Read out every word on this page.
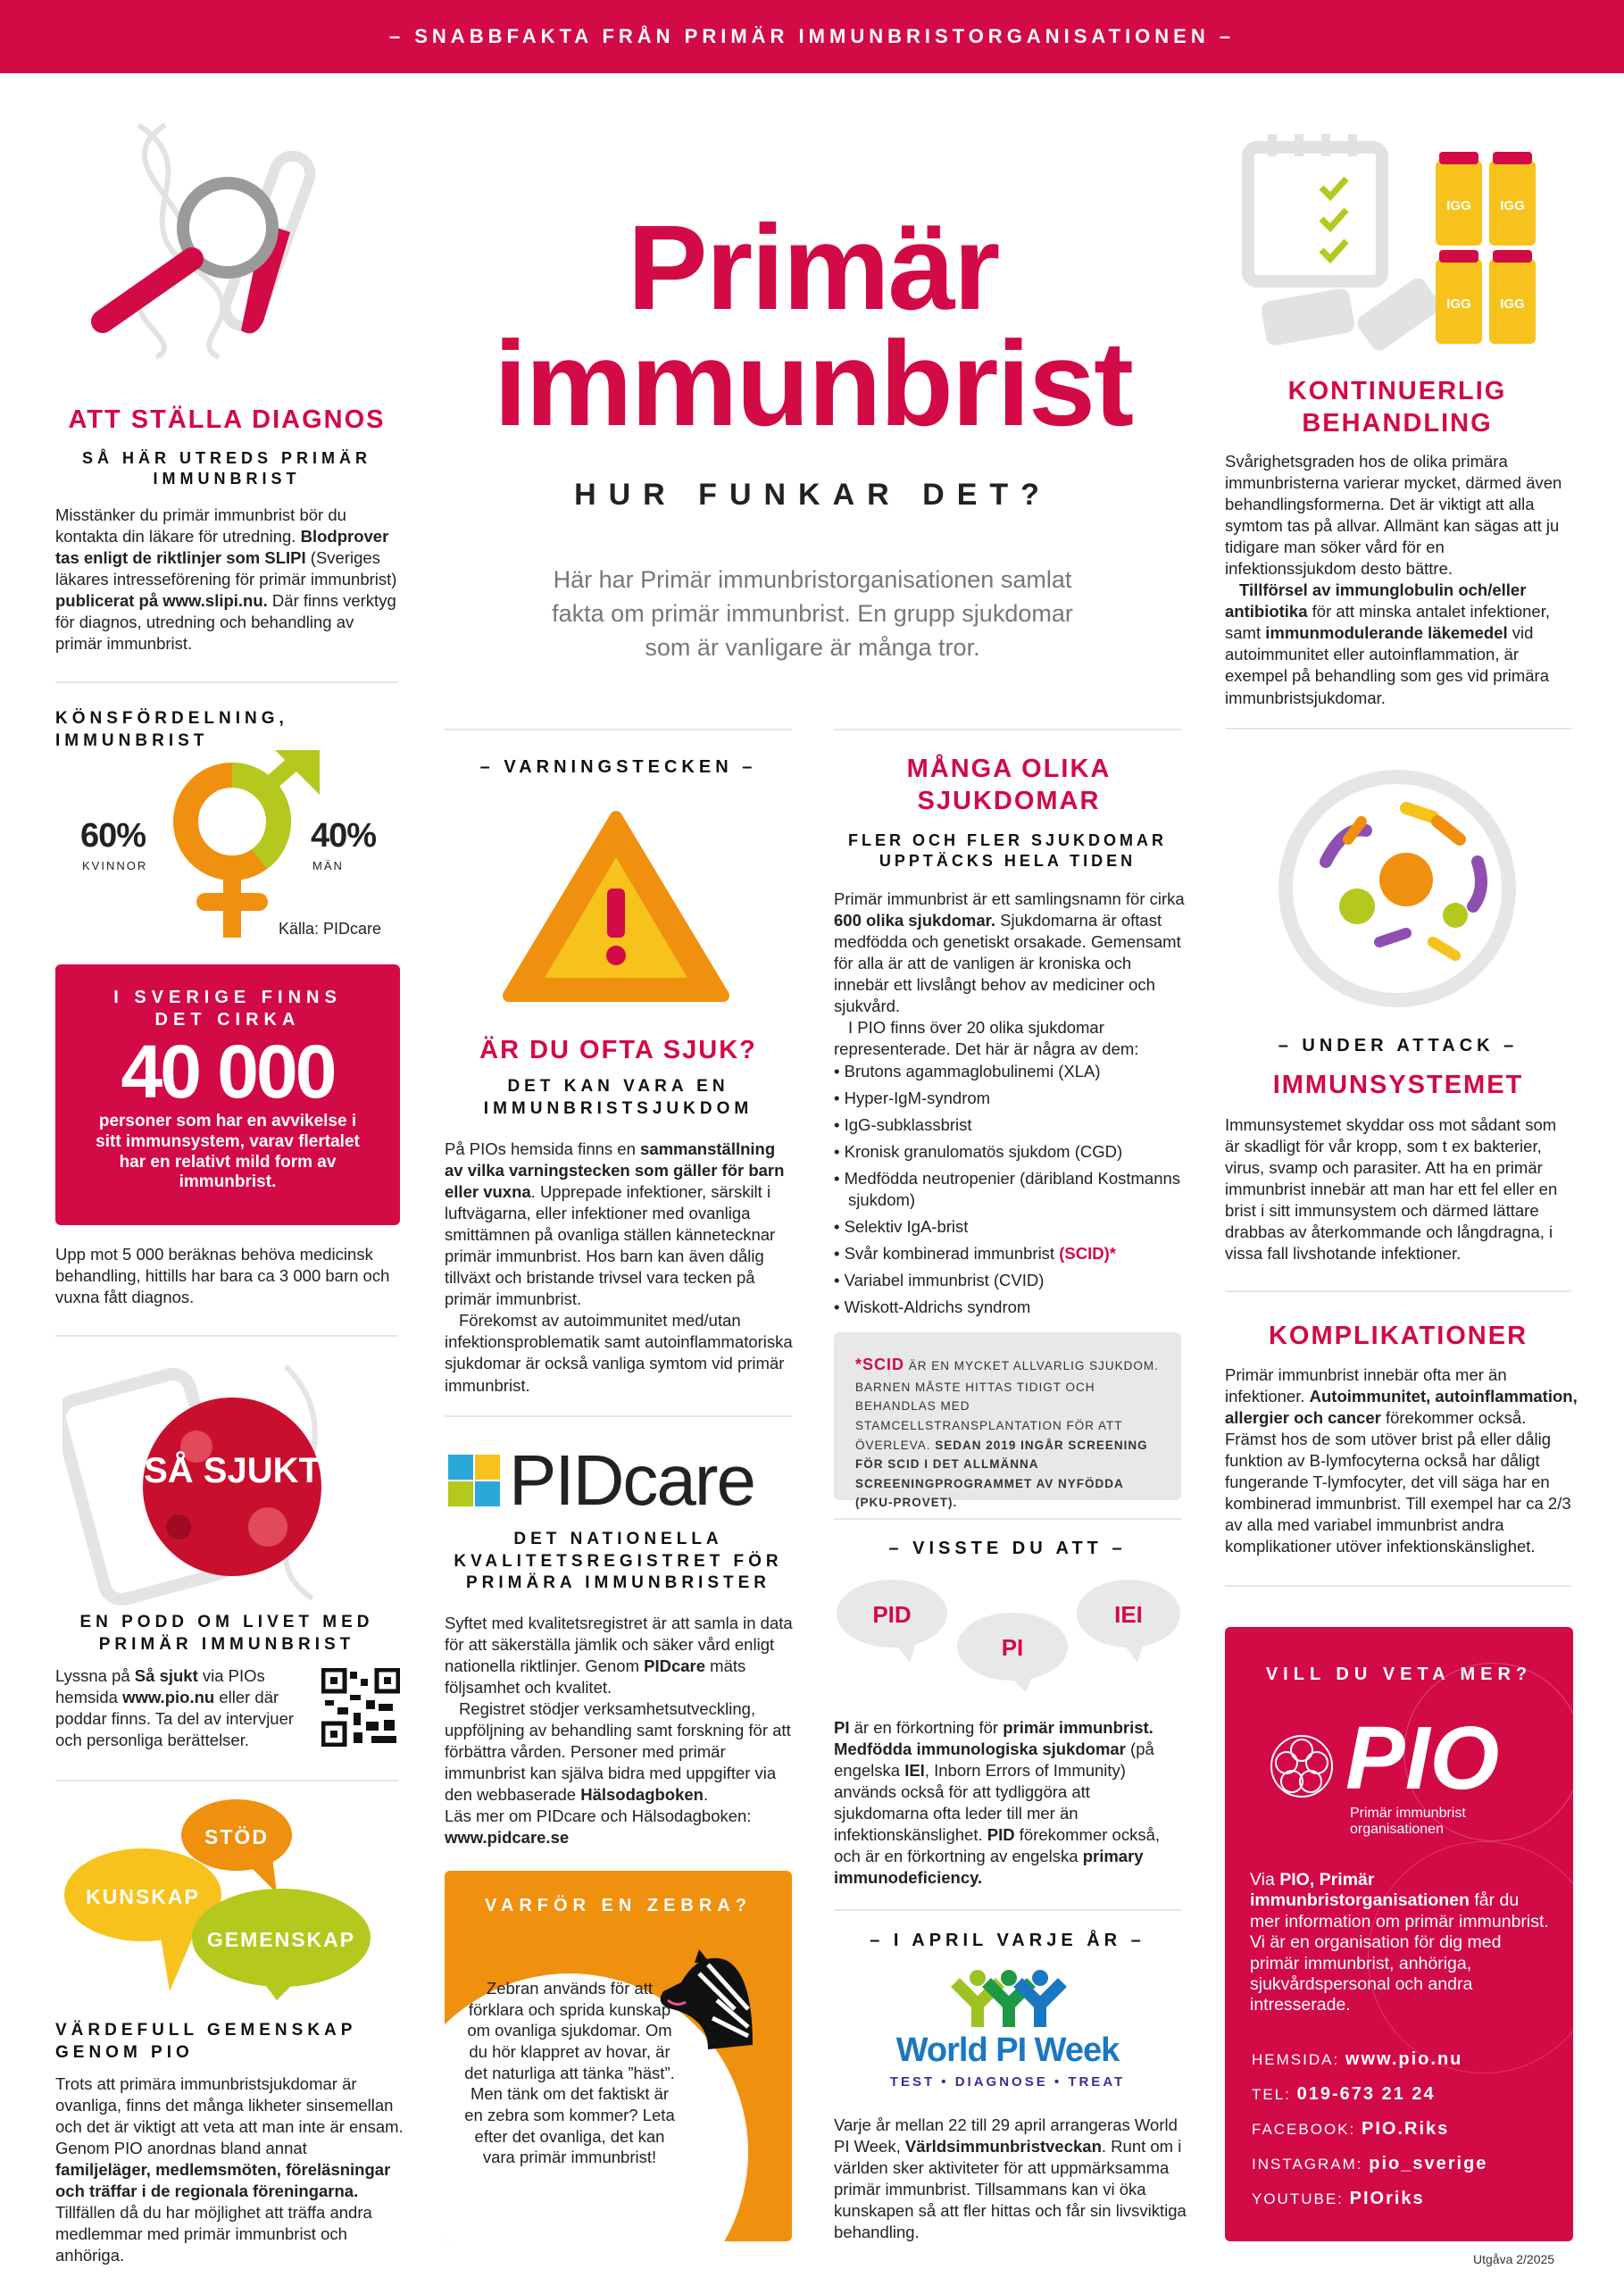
– SNABBFAKTA FRÅN PRIMÄR IMMUNBRISTORGANISATIONEN –
Primär
immunbrist
HUR FUNKAR DET?
Här har Primär immunbristorganisationen samlat fakta om primär immunbrist. En grupp sjukdomar som är vanligare är många tror.
ATT STÄLLA DIAGNOS
SÅ HÄR UTREDS PRIMÄR IMMUNBRIST

Misstänker du primär immunbrist bör du kontakta din läkare för utredning. Blodprover tas enligt de riktlinjer som SLIPI (Sveriges läkares intresseförening för primär immunbrist) publicerat på www.slipi.nu. Där finns verktyg för diagnos, utredning och behandling av primär immunbrist.

KÖNSFÖRDELNING, IMMUNBRIST
60%
KVINNOR
40%
MÄN
Källa: PIDcare
I SVERIGE FINNS DET CIRKA
40 000
personer som har en avvikelse i sitt immunsystem, varav flertalet har en relativt mild form av immunbrist.
Upp mot 5 000 beräknas behöva medicinsk behandling, hittills har bara ca 3 000 barn och vuxna fått diagnos.
SÅ SJUKT
EN PODD OM LIVET MED PRIMÄR IMMUNBRIST

Lyssna på Så sjukt via PIOs hemsida www.pio.nu eller där poddar finns. Ta del av intervjuer och personliga berättelser.

STÖD
KUNSKAP
GEMENSKAP
VÄRDEFULL GEMENSKAP GENOM PIO

Trots att primära immunbristsjukdomar är ovanliga, finns det många likheter sinsemellan och det är viktigt att veta att man inte är ensam. Genom PIO anordnas bland annat familjeläger, medlemsmöten, föreläsningar och träffar i de regionala föreningarna. Tillfällen då du har möjlighet att träffa andra medlemmar med primär immunbrist och anhöriga.

– VARNINGSTECKEN –
ÄR DU OFTA SJUK?
DET KAN VARA EN IMMUNBRISTSJUKDOM

På PIOs hemsida finns en sammanställning av vilka varningstecken som gäller för barn eller vuxna. Upprepade infektioner, särskilt i luftvägarna, eller infektioner med ovanliga smittämnen på ovanliga ställen kännetecknar primär immunbrist. Hos barn kan även dålig tillväxt och bristande trivsel vara tecken på primär immunbrist.

Förekomst av autoimmunitet med/utan infektionsproblematik samt autoinflammatoriska sjukdomar är också vanliga symtom vid primär immunbrist.

PIDcare
DET NATIONELLA KVALITETSREGISTRET FÖR PRIMÄRA IMMUNBRISTER

Syftet med kvalitetsregistret är att samla in data för att säkerställa jämlik och säker vård enligt nationella riktlinjer. Genom PIDcare mäts följsamhet och kvalitet.

Registret stödjer verksamhetsutveckling, uppföljning av behandling samt forskning för att förbättra vården. Personer med primär immunbrist kan själva bidra med uppgifter via den webbaserade Hälsodagboken.

Läs mer om PIDcare och Hälsodagboken:
www.pidcare.se
VARFÖR EN ZEBRA?
Zebran används för att förklara och sprida kunskap om ovanliga sjukdomar. Om du hör klappret av hovar, är det naturliga att tänka ”häst”. Men tänk om det faktiskt är en zebra som kommer? Leta efter det ovanliga, det kan vara primär immunbrist!
MÅNGA OLIKA SJUKDOMAR
FLER OCH FLER SJUKDOMAR UPPTÄCKS HELA TIDEN

Primär immunbrist är ett samlingsnamn för cirka 600 olika sjukdomar. Sjukdomarna är oftast medfödda och genetiskt orsakade. Gemensamt för alla är att de vanligen är kroniska och innebär ett livslångt behov av mediciner och sjukvård.

I PIO finns över 20 olika sjukdomar representerade. Det här är några av dem:

• Brutons agammaglobulinemi (XLA)
• Hyper-IgM-syndrom
• IgG-subklassbrist
• Kronisk granulomatös sjukdom (CGD)
• Medfödda neutropenier (däribland Kostmanns sjukdom)
• Selektiv IgA-brist
• Svår kombinerad immunbrist (SCID)*
• Variabel immunbrist (CVID)
• Wiskott-Aldrichs syndrom
*SCID ÄR EN MYCKET ALLVARLIG SJUKDOM. BARNEN MÅSTE HITTAS TIDIGT OCH BEHANDLAS MED STAMCELLSTRANSPLANTATION FÖR ATT ÖVERLEVA. SEDAN 2019 INGÅR SCREENING FÖR SCID I DET ALLMÄNNA SCREENINGPROGRAMMET AV NYFÖDDA (PKU-PROVET).
– VISSTE DU ATT –
PID
PI
IEI

PI är en förkortning för primär immunbrist. Medfödda immunologiska sjukdomar (på engelska IEI, Inborn Errors of Immunity) används också för att tydliggöra att sjukdomarna ofta leder till mer än infektionskänslighet. PID förekommer också, och är en förkortning av engelska primary immunodeficiency.

– I APRIL VARJE ÅR –
World PI Week
TEST • DIAGNOSE • TREAT

Varje år mellan 22 till 29 april arrangeras World PI Week, Världsimmunbristveckan. Runt om i världen sker aktiviteter för att uppmärksamma primär immunbrist. Tillsammans kan vi öka kunskapen så att fler hittas och får sin livsviktiga behandling.

IGG IGG
IGG IGG
KONTINUERLIG BEHANDLING

Svårighetsgraden hos de olika primära immunbristerna varierar mycket, därmed även behandlingsformerna. Det är viktigt att alla symtom tas på allvar. Allmänt kan sägas att ju tidigare man söker vård för en infektionssjukdom desto bättre.

Tillförsel av immunglobulin och/eller antibiotika för att minska antalet infektioner, samt immunmodulerande läkemedel vid autoimmunitet eller autoinflammation, är exempel på behandling som ges vid primära immunbristsjukdomar.

– UNDER ATTACK –
IMMUNSYSTEMET

Immunsystemet skyddar oss mot sådant som är skadligt för vår kropp, som t ex bakterier, virus, svamp och parasiter. Att ha en primär immunbrist innebär att man har ett fel eller en brist i sitt immunsystem och därmed lättare drabbas av återkommande och långdragna, i vissa fall livshotande infektioner.

KOMPLIKATIONER

Primär immunbrist innebär ofta mer än infektioner. Autoimmunitet, autoinflammation, allergier och cancer förekommer också. Främst hos de som utöver brist på eller dålig funktion av B-lymfocyterna också har dåligt fungerande T-lymfocyter, det vill säga har en kombinerad immunbrist. Till exempel har ca 2/3 av alla med variabel immunbrist andra komplikationer utöver infektionskänslighet.

VILL DU VETA MER?
PIO
Primär immunbrist
organisationen

Via PIO, Primär immunbristorganisationen får du mer information om primär immunbrist. Vi är en organisation för dig med primär immunbrist, anhöriga, sjukvårdspersonal och andra intresserade.

HEMSIDA: www.pio.nu
TEL: 019-673 21 24
FACEBOOK: PIO.Riks
INSTAGRAM: pio_sverige
YOUTUBE: PIOriks
Utgåva 2/2025
